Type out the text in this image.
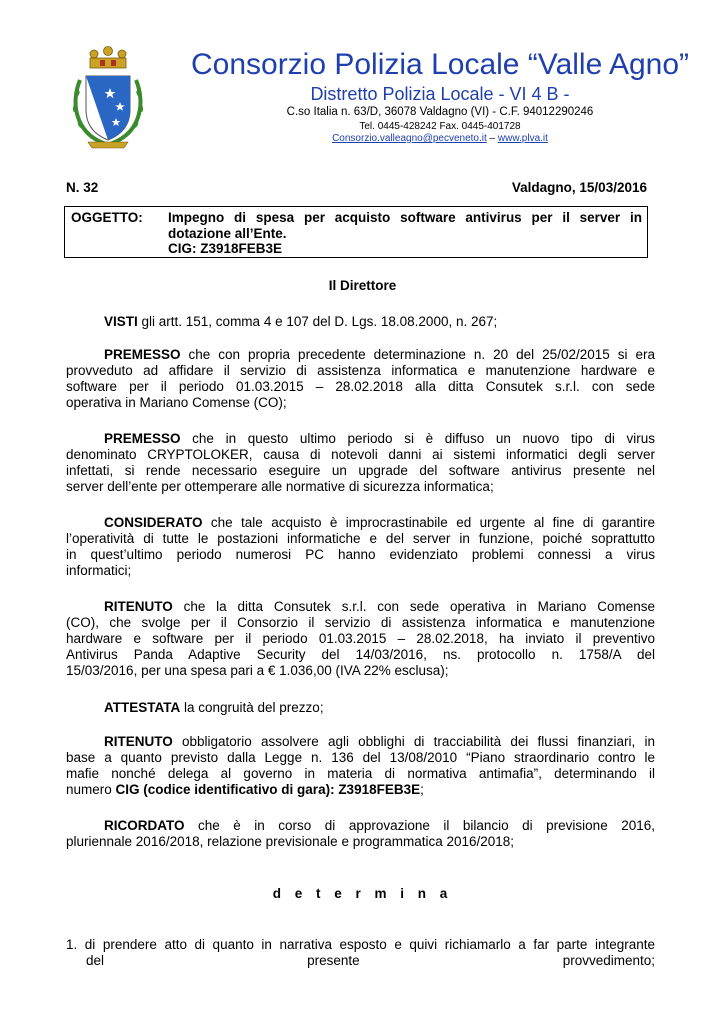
Consorzio Polizia Locale “Valle Agno”
Distretto Polizia Locale - VI 4 B -
C.so Italia n. 63/D, 36078 Valdagno (VI) - C.F. 94012290246
Tel. 0445-428242 Fax. 0445-401728
Consorzio.valleagno@pecveneto.it – www.plva.it
N. 32	Valdagno, 15/03/2016
OGGETTO: Impegno di spesa per acquisto software antivirus per il server in
dotazione all’Ente.
CIG: Z3918FEB3E
Il Direttore
VISTI gli artt. 151, comma 4 e 107 del D. Lgs. 18.08.2000, n. 267;
PREMESSO che con propria precedente determinazione n. 20 del 25/02/2015 si era
provveduto ad affidare il servizio di assistenza informatica e manutenzione hardware e
software per il periodo 01.03.2015 – 28.02.2018 alla ditta Consutek s.r.l. con sede
operativa in Mariano Comense (CO);
PREMESSO che in questo ultimo periodo si è diffuso un nuovo tipo di virus
denominato CRYPTOLOKER, causa di notevoli danni ai sistemi informatici degli server
infettati, si rende necessario eseguire un upgrade del software antivirus presente nel
server dell’ente per ottemperare alle normative di sicurezza informatica;
CONSIDERATO che tale acquisto è improcrastinabile ed urgente al fine di garantire
l’operatività di tutte le postazioni informatiche e del server in funzione, poiché soprattutto
in quest’ultimo periodo numerosi PC hanno evidenziato problemi connessi a virus
informatici;
RITENUTO che la ditta Consutek s.r.l. con sede operativa in Mariano Comense
(CO), che svolge per il Consorzio il servizio di assistenza informatica e manutenzione
hardware e software per il periodo 01.03.2015 – 28.02.2018, ha inviato il preventivo
Antivirus Panda Adaptive Security del 14/03/2016, ns. protocollo n. 1758/A del
15/03/2016, per una spesa pari a € 1.036,00 (IVA 22% esclusa);
ATTESTATA la congruità del prezzo;
RITENUTO obbligatorio assolvere agli obblighi di tracciabilità dei flussi finanziari, in
base a quanto previsto dalla Legge n. 136 del 13/08/2010 “Piano straordinario contro le
mafie nonché delega al governo in materia di normativa antimafia”, determinando il
numero CIG (codice identificativo di gara): Z3918FEB3E;
RICORDATO che è in corso di approvazione il bilancio di previsione 2016,
pluriennale 2016/2018, relazione previsionale e programmatica 2016/2018;
d e t e r m i n a
1. di prendere atto di quanto in narrativa esposto e quivi richiamarlo a far parte integrante
del presente provvedimento;
